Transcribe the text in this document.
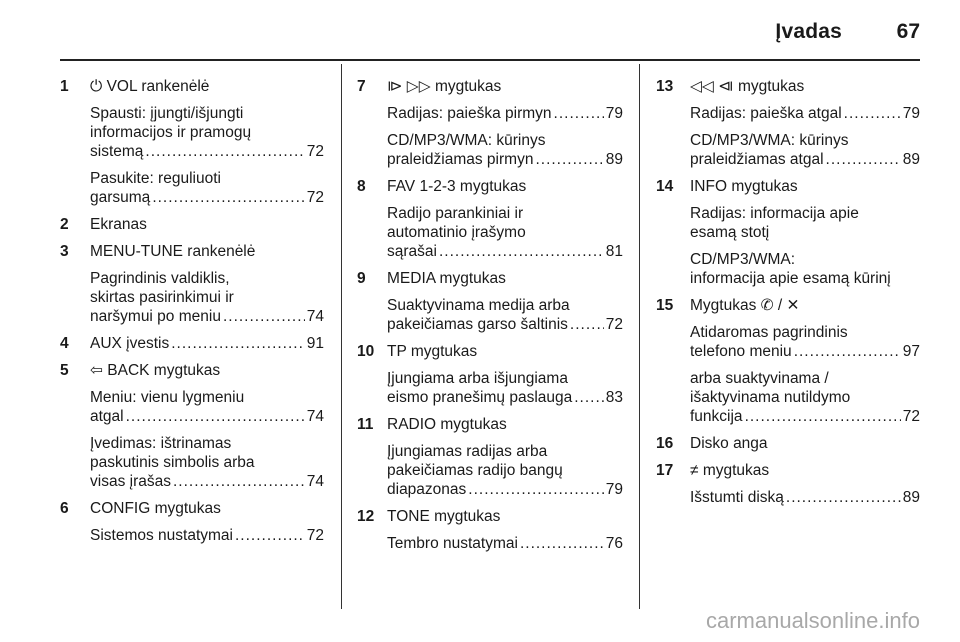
Įvadas	67
1 ⏻ VOL rankenėlė
Spausti: įjungti/išjungti
informacijos ir pramogų
sistemą .....	72
Pasukite: reguliuoti
garsumą .....	72
2 Ekranas
3 MENU-TUNE rankenėlė
Pagrindinis valdiklis,
skirtas pasirinkimui ir
naršymui po meniu .....	74
4 AUX įvestis .....	91
5 ⇦ BACK mygtukas
Meniu: vienu lygmeniu
atgal .....	74
Įvedimas: ištrinamas
paskutinis simbolis arba
visas įrašas .....	74
6 CONFIG mygtukas
Sistemos nustatymai .....	72
7 ⧐ ▷▷ mygtukas
Radijas: paieška pirmyn .....	79
CD/MP3/WMA: kūrinys
praleidžiamas pirmyn .....	89
8 FAV 1-2-3 mygtukas
Radijo parankiniai ir
automatinio įrašymo
sąrašai .....	81
9 MEDIA mygtukas
Suaktyvinama medija arba
pakeičiamas garso šaltinis ..... 72
10 TP mygtukas
Įjungiama arba išjungiama
eismo pranešimų paslauga ..... 83
11 RADIO mygtukas
Įjungiamas radijas arba
pakeičiamas radijo bangų
diapazonas .....	79
12 TONE mygtukas
Tembro nustatymai .....	76
13 ◁◁ ⧏ mygtukas
Radijas: paieška atgal .....	79
CD/MP3/WMA: kūrinys
praleidžiamas atgal .....	89
14 INFO mygtukas
Radijas: informacija apie
esamą stotį
CD/MP3/WMA:
informacija apie esamą kūrinį
15 Mygtukas ✆ / ✕
Atidaromas pagrindinis
telefono meniu .....	97
arba suaktyvinama /
išaktyvinama nutildymo
funkcija .....	72
16 Disko anga
17 ≠ mygtukas
Išstumti diską .....	89
carmanualsonline.info
